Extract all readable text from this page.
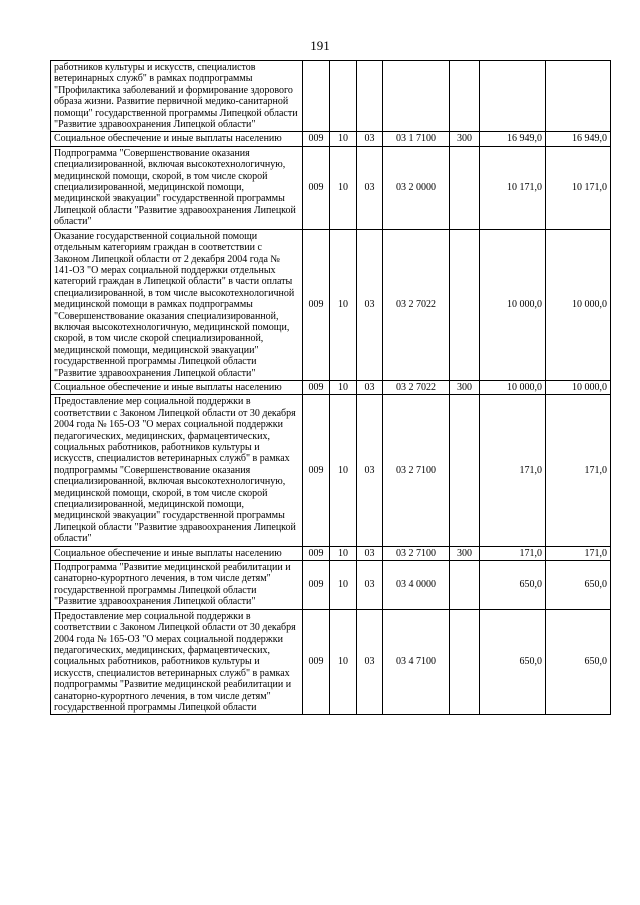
191
работников культуры и искусств, специалистов ветеринарных служб" в рамках подпрограммы "Профилактика заболеваний и формирование здорового образа жизни. Развитие первичной медико-санитарной помощи" государственной программы Липецкой области "Развитие здравоохранения Липецкой области"							
Социальное обеспечение и иные выплаты населению	009	10	03	03 1 7100	300	16 949,0	16 949,0
Подпрограмма "Совершенствование оказания специализированной, включая высокотехнологичную, медицинской помощи, скорой, в том числе скорой специализированной, медицинской помощи, медицинской эвакуации" государственной программы Липецкой области "Развитие здравоохранения Липецкой области"	009	10	03	03 2 0000		10 171,0	10 171,0
Оказание государственной социальной помощи отдельным категориям граждан в соответствии с Законом Липецкой области от 2 декабря 2004 года № 141-ОЗ "О мерах социальной поддержки отдельных категорий граждан в Липецкой области" в части оплаты специализированной, в том числе высокотехнологичной медицинской помощи в рамках подпрограммы "Совершенствование оказания специализированной, включая высокотехнологичную, медицинской помощи, скорой, в том числе скорой специализированной, медицинской помощи, медицинской эвакуации" государственной программы Липецкой области "Развитие здравоохранения Липецкой области"	009	10	03	03 2 7022		10 000,0	10 000,0
Социальное обеспечение и иные выплаты населению	009	10	03	03 2 7022	300	10 000,0	10 000,0
Предоставление мер социальной поддержки в соответствии с Законом Липецкой области от 30 декабря 2004 года № 165-ОЗ "О мерах социальной поддержки педагогических, медицинских, фармацевтических, социальных работников, работников культуры и искусств, специалистов ветеринарных служб" в рамках подпрограммы "Совершенствование оказания специализированной, включая высокотехнологичную, медицинской помощи, скорой, в том числе скорой специализированной, медицинской помощи, медицинской эвакуации" государственной программы Липецкой области "Развитие здравоохранения Липецкой области"	009	10	03	03 2 7100		171,0	171,0
Социальное обеспечение и иные выплаты населению	009	10	03	03 2 7100	300	171,0	171,0
Подпрограмма "Развитие медицинской реабилитации и санаторно-курортного лечения, в том числе детям" государственной программы Липецкой области "Развитие здравоохранения Липецкой области"	009	10	03	03 4 0000		650,0	650,0
Предоставление мер социальной поддержки в соответствии с Законом Липецкой области от 30 декабря 2004 года № 165-ОЗ "О мерах социальной поддержки педагогических, медицинских, фармацевтических, социальных работников, работников культуры и искусств, специалистов ветеринарных служб" в рамках подпрограммы "Развитие медицинской реабилитации и санаторно-курортного лечения, в том числе детям" государственной программы Липецкой области	009	10	03	03 4 7100		650,0	650,0
